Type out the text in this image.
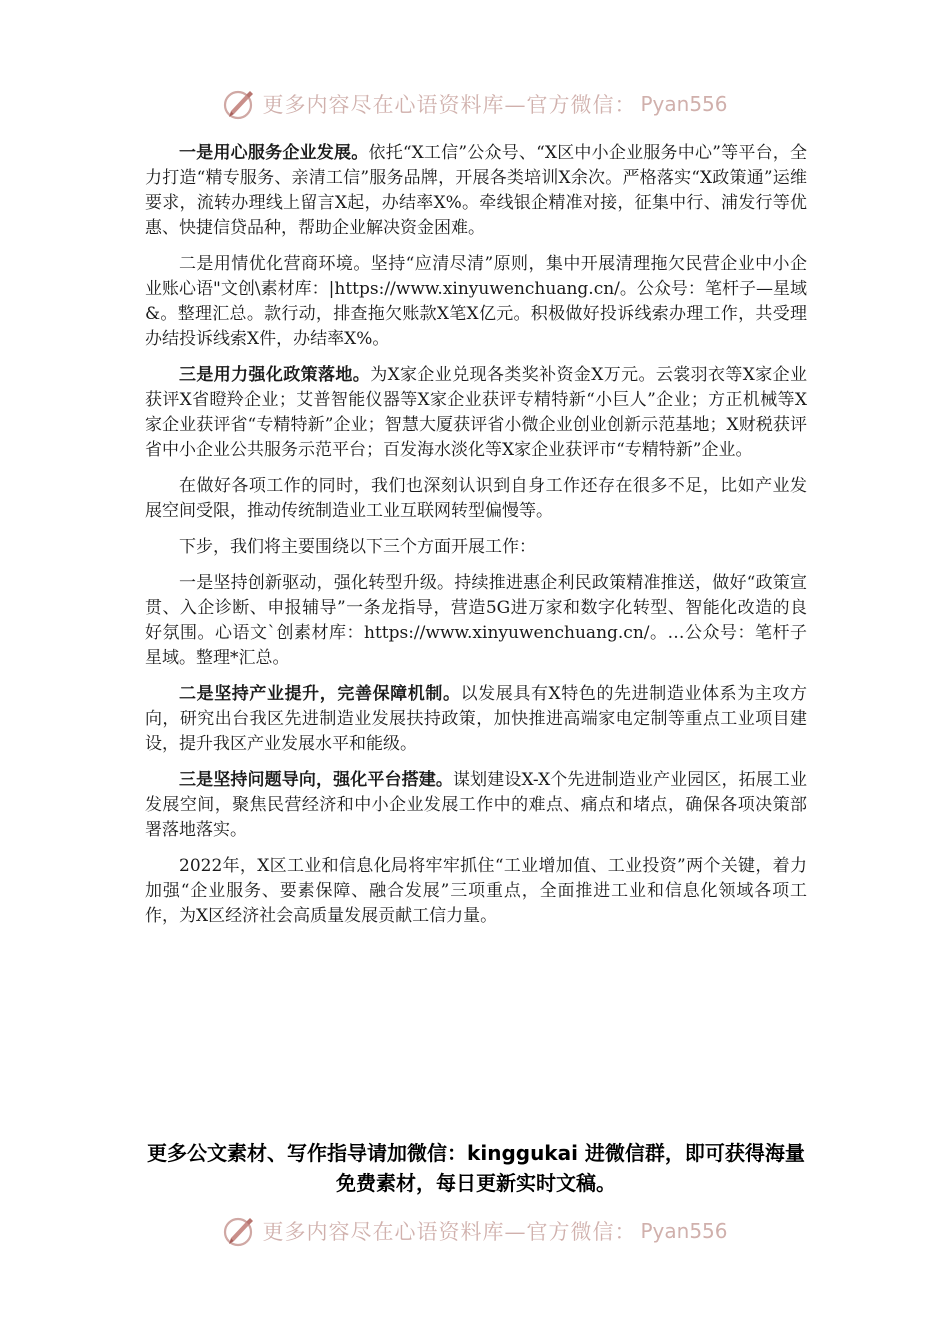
更多内容尽在心语资料库—官方微信： Pyan556

一是用心服务企业发展。依托“X工信”公众号、“X区中小企业服务中心”等平台，全力打造“精专服务、亲清工信”服务品牌，开展各类培训X余次。严格落实“X政策通”运维要求，流转办理线上留言X起，办结率X%。牵线银企精准对接，征集中行、浦发行等优惠、快捷信贷品种，帮助企业解决资金困难。

二是用情优化营商环境。坚持“应清尽清”原则，集中开展清理拖欠民营企业中小企业账心语"文创\素材库：|https://www.xinyuwenchuang.cn/。公众号：笔杆子—星域&。整理汇总。款行动，排查拖欠账款X笔X亿元。积极做好投诉线索办理工作，共受理办结投诉线索X件，办结率X%。

三是用力强化政策落地。为X家企业兑现各类奖补资金X万元。云裳羽衣等X家企业获评X省瞪羚企业；艾普智能仪器等X家企业获评专精特新“小巨人”企业；方正机械等X家企业获评省“专精特新”企业；智慧大厦获评省小微企业创业创新示范基地；X财税获评省中小企业公共服务示范平台；百发海水淡化等X家企业获评市“专精特新”企业。

在做好各项工作的同时，我们也深刻认识到自身工作还存在很多不足，比如产业发展空间受限，推动传统制造业工业互联网转型偏慢等。

下步，我们将主要围绕以下三个方面开展工作：

一是坚持创新驱动，强化转型升级。持续推进惠企利民政策精准推送，做好“政策宣贯、入企诊断、申报辅导”一条龙指导，营造5G进万家和数字化转型、智能化改造的良好氛围。心语文`创素材库：https://www.xinyuwenchuang.cn/。…公众号：笔杆子星域。整理*汇总。

二是坚持产业提升，完善保障机制。以发展具有X特色的先进制造业体系为主攻方向，研究出台我区先进制造业发展扶持政策，加快推进高端家电定制等重点工业项目建设，提升我区产业发展水平和能级。

三是坚持问题导向，强化平台搭建。谋划建设X-X个先进制造业产业园区，拓展工业发展空间，聚焦民营经济和中小企业发展工作中的难点、痛点和堵点，确保各项决策部署落地落实。

2022年，X区工业和信息化局将牢牢抓住“工业增加值、工业投资”两个关键，着力加强“企业服务、要素保障、融合发展”三项重点，全面推进工业和信息化领域各项工作，为X区经济社会高质量发展贡献工信力量。

更多公文素材、写作指导请加微信：kinggukai 进微信群，即可获得海量免费素材，每日更新实时文稿。
更多内容尽在心语资料库—官方微信： Pyan556
